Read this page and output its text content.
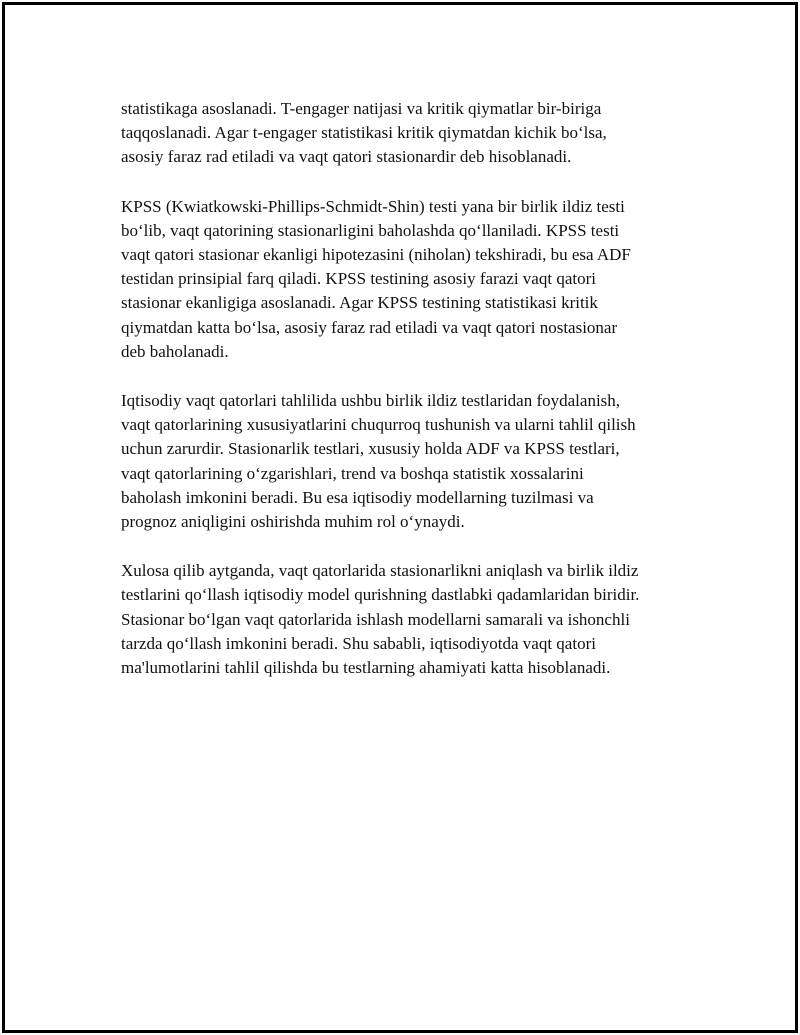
statistikaga asoslanadi. T-engager natijasi va kritik qiymatlar bir-biriga
taqqoslanadi. Agar t-engager statistikasi kritik qiymatdan kichik bo‘lsa,
asosiy faraz rad etiladi va vaqt qatori stasionardir deb hisoblanadi.

KPSS (Kwiatkowski-Phillips-Schmidt-Shin) testi yana bir birlik ildiz testi
bo‘lib, vaqt qatorining stasionarligini baholashda qo‘llaniladi. KPSS testi
vaqt qatori stasionar ekanligi hipotezasini (niholan) tekshiradi, bu esa ADF
testidan prinsipial farq qiladi. KPSS testining asosiy farazi vaqt qatori
stasionar ekanligiga asoslanadi. Agar KPSS testining statistikasi kritik
qiymatdan katta bo‘lsa, asosiy faraz rad etiladi va vaqt qatori nostasionar
deb baholanadi.

Iqtisodiy vaqt qatorlari tahlilida ushbu birlik ildiz testlaridan foydalanish,
vaqt qatorlarining xususiyatlarini chuqurroq tushunish va ularni tahlil qilish
uchun zarurdir. Stasionarlik testlari, xususiy holda ADF va KPSS testlari,
vaqt qatorlarining o‘zgarishlari, trend va boshqa statistik xossalarini
baholash imkonini beradi. Bu esa iqtisodiy modellarning tuzilmasi va
prognoz aniqligini oshirishda muhim rol o‘ynaydi.

Xulosa qilib aytganda, vaqt qatorlarida stasionarlikni aniqlash va birlik ildiz
testlarini qo‘llash iqtisodiy model qurishning dastlabki qadamlaridan biridir.
Stasionar bo‘lgan vaqt qatorlarida ishlash modellarni samarali va ishonchli
tarzda qo‘llash imkonini beradi. Shu sababli, iqtisodiyotda vaqt qatori
ma'lumotlarini tahlil qilishda bu testlarning ahamiyati katta hisoblanadi.
